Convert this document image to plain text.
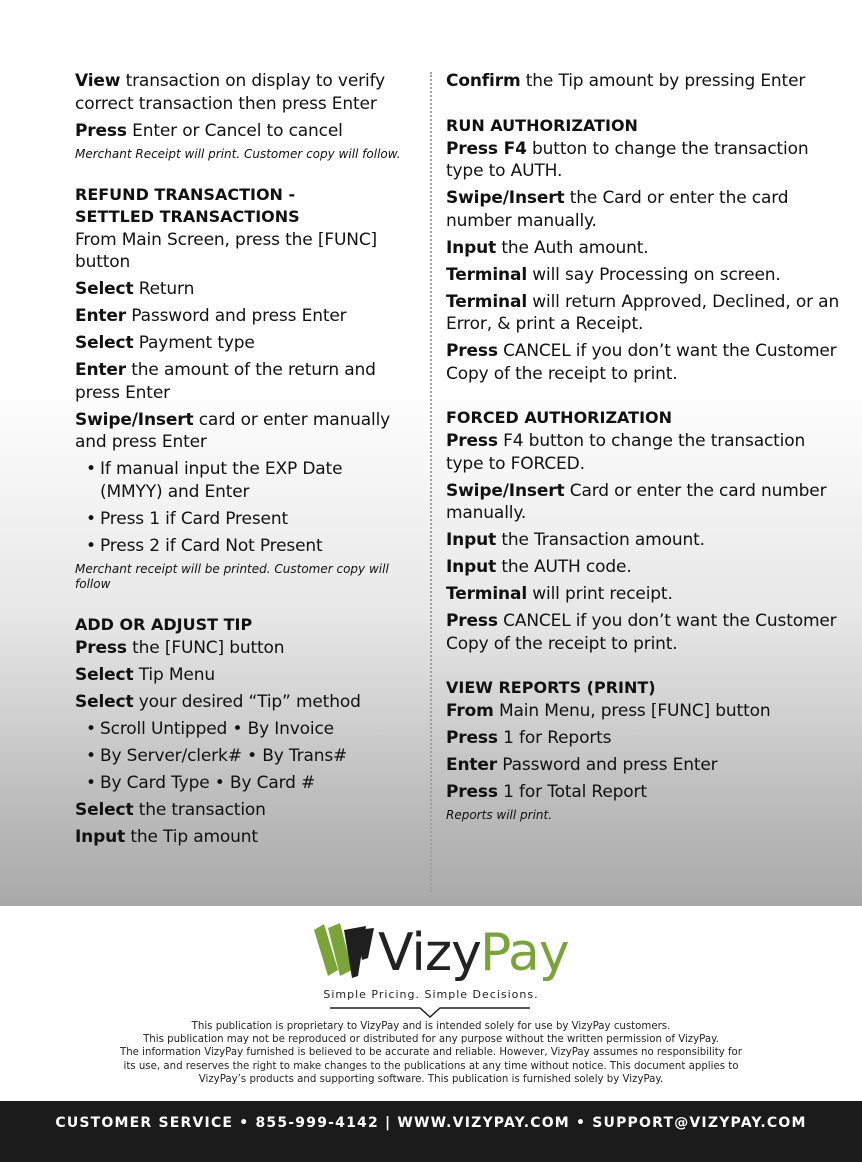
View transaction on display to verify correct transaction then press Enter
Press Enter or Cancel to cancel
Merchant Receipt will print. Customer copy will follow.
REFUND TRANSACTION -
SETTLED TRANSACTIONS
From Main Screen, press the [FUNC] button
Select Return
Enter Password and press Enter
Select Payment type
Enter the amount of the return and press Enter
Swipe/Insert card or enter manually and press Enter
• If manual input the EXP Date (MMYY) and Enter
• Press 1 if Card Present
• Press 2 if Card Not Present
Merchant receipt will be printed. Customer copy will follow
ADD OR ADJUST TIP
Press the [FUNC] button
Select Tip Menu
Select your desired “Tip” method
• Scroll Untipped • By Invoice
• By Server/clerk# • By Trans#
• By Card Type • By Card #
Select the transaction
Input the Tip amount
Confirm the Tip amount by pressing Enter
RUN AUTHORIZATION
Press F4 button to change the transaction type to AUTH.
Swipe/Insert the Card or enter the card number manually.
Input the Auth amount.
Terminal will say Processing on screen.
Terminal will return Approved, Declined, or an Error, & print a Receipt.
Press CANCEL if you don’t want the Customer Copy of the receipt to print.
FORCED AUTHORIZATION
Press F4 button to change the transaction type to FORCED.
Swipe/Insert Card or enter the card number manually.
Input the Transaction amount.
Input the AUTH code.
Terminal will print receipt.
Press CANCEL if you don’t want the Customer Copy of the receipt to print.
VIEW REPORTS (PRINT)
From Main Menu, press [FUNC] button
Press 1 for Reports
Enter Password and press Enter
Press 1 for Total Report
Reports will print.
Vizy Pay
Simple Pricing. Simple Decisions.
This publication is proprietary to VizyPay and is intended solely for use by VizyPay customers.
This publication may not be reproduced or distributed for any purpose without the written permission of VizyPay.
The information VizyPay furnished is believed to be accurate and reliable. However, VizyPay assumes no responsibility for
its use, and reserves the right to make changes to the publications at any time without notice. This document applies to
VizyPay’s products and supporting software. This publication is furnished solely by VizyPay.
CUSTOMER SERVICE • 855-999-4142 | WWW.VIZYPAY.COM • SUPPORT@VIZYPAY.COM
